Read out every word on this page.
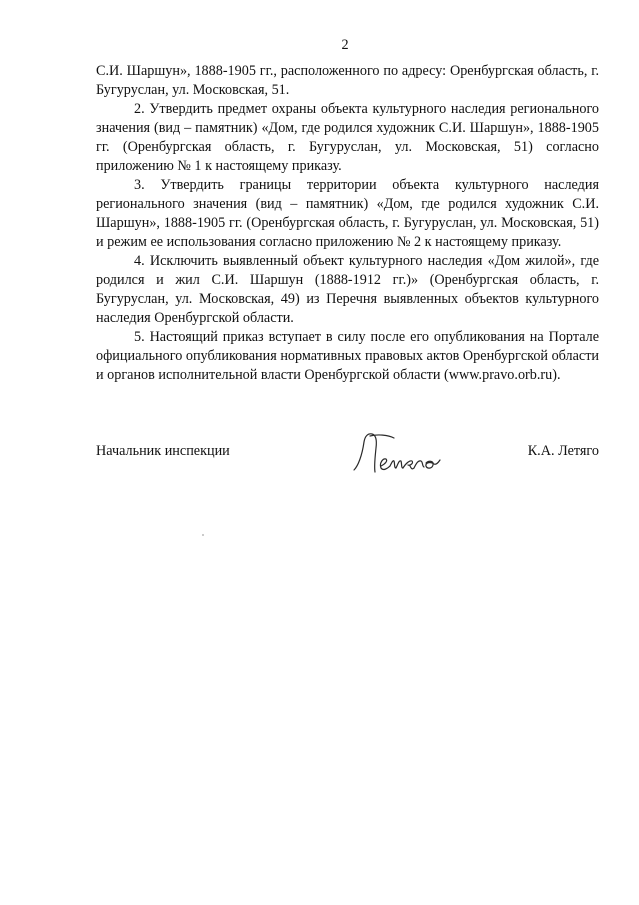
2

С.И. Шаршун», 1888-1905 гг., расположенного по адресу: Оренбургская область, г. Бугуруслан, ул. Московская, 51.

2. Утвердить предмет охраны объекта культурного наследия регионального значения (вид – памятник) «Дом, где родился художник С.И. Шаршун», 1888-1905 гг. (Оренбургская область, г. Бугуруслан, ул. Московская, 51) согласно приложению № 1 к настоящему приказу.

3. Утвердить границы территории объекта культурного наследия регионального значения (вид – памятник) «Дом, где родился художник С.И. Шаршун», 1888-1905 гг. (Оренбургская область, г. Бугуруслан, ул. Московская, 51) и режим ее использования согласно приложению № 2 к настоящему приказу.

4. Исключить выявленный объект культурного наследия «Дом жилой», где родился и жил С.И. Шаршун (1888-1912 гг.)» (Оренбургская область, г. Бугуруслан, ул. Московская, 49) из Перечня выявленных объектов культурного наследия Оренбургской области.

5. Настоящий приказ вступает в силу после его опубликования на Портале официального опубликования нормативных правовых актов Оренбургской области и органов исполнительной власти Оренбургской области (www.pravo.orb.ru).

Начальник инспекции	К.А. Летяго
